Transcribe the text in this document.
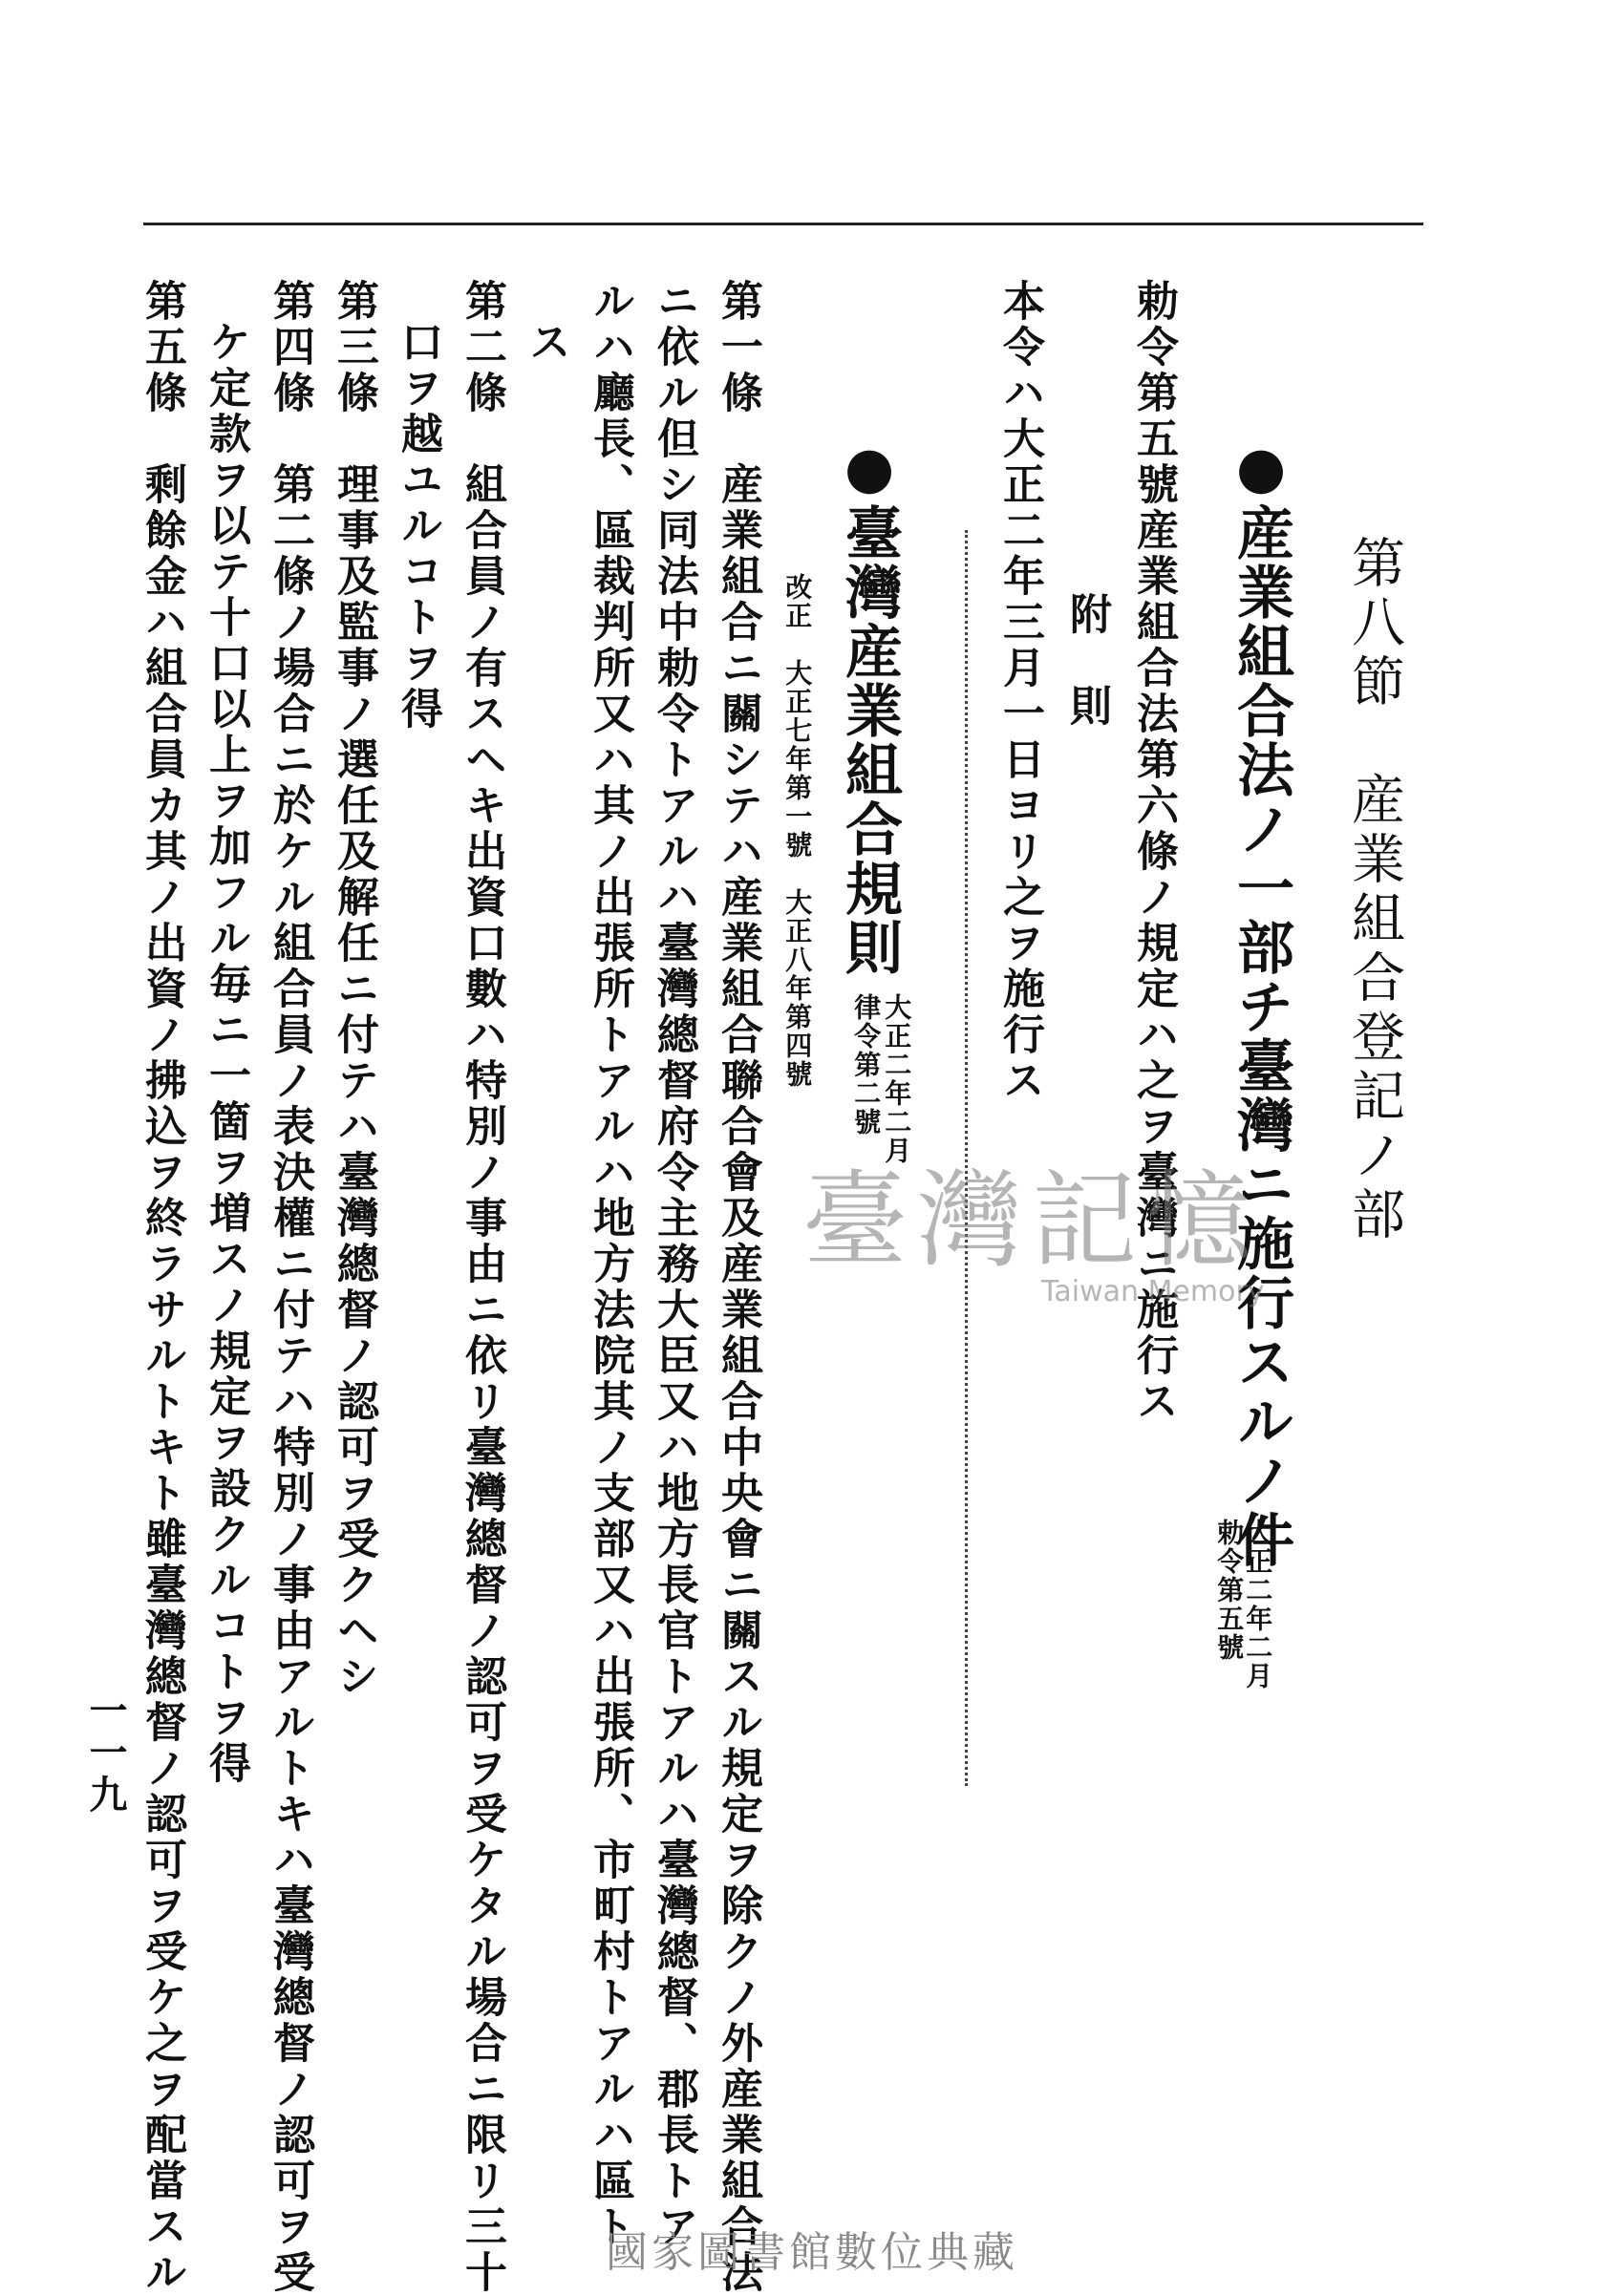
第八節　産業組合登記ノ部
●産業組合法ノ一部チ臺灣ニ施行スルノ件
大正二年二月
勅令第五號
勅令第五號産業組合法第六條ノ規定ハ之ヲ臺灣ニ施行ス
附　則
本令ハ大正二年三月一日ヨリ之ヲ施行ス
●臺灣産業組合規則
大正二年二月
律令第二號
改正　大正七年第一號　大正八年第四號
第一條　産業組合ニ關シテハ産業組合聯合會及産業組合中央會ニ關スル規定ヲ除クノ外産業組合法
ニ依ル但シ同法中勅令トアルハ臺灣總督府令主務大臣又ハ地方長官トアルハ臺灣總督、郡長トア
ルハ廳長、區裁判所又ハ其ノ出張所トアルハ地方法院其ノ支部又ハ出張所、市町村トアルハ區ト
ス
第二條　組合員ノ有スヘキ出資口數ハ特別ノ事由ニ依リ臺灣總督ノ認可ヲ受ケタル場合ニ限リ三十
口ヲ越ユルコトヲ得
第三條　理事及監事ノ選任及解任ニ付テハ臺灣總督ノ認可ヲ受クヘシ
第四條　第二條ノ場合ニ於ケル組合員ノ表決權ニ付テハ特別ノ事由アルトキハ臺灣總督ノ認可ヲ受
ケ定款ヲ以テ十口以上ヲ加フル毎ニ一箇ヲ増スノ規定ヲ設クルコトヲ得
第五條　剩餘金ハ組合員カ其ノ出資ノ拂込ヲ終ラサルトキト雖臺灣總督ノ認可ヲ受ケ之ヲ配當スル
一一九
臺灣記憶
Taiwan Memory
國家圖書館數位典藏
